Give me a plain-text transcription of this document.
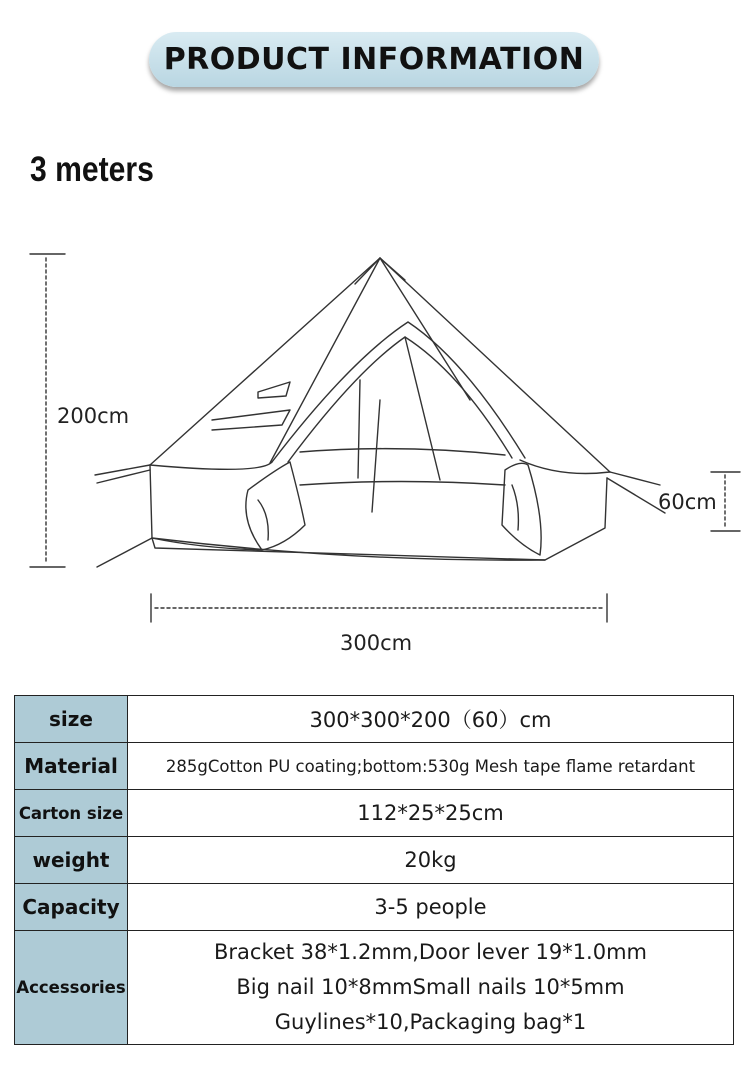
PRODUCT INFORMATION
3 meters
200cm
60cm
300cm
size	300*300*200（60）cm
Material	285gCotton PU coating;bottom:530g Mesh tape flame retardant
Carton size	112*25*25cm
weight	20kg
Capacity	3-5 people
Accessories	Bracket 38*1.2mm,Door lever 19*1.0mm
Big nail 10*8mmSmall nails 10*5mm
Guylines*10,Packaging bag*1
